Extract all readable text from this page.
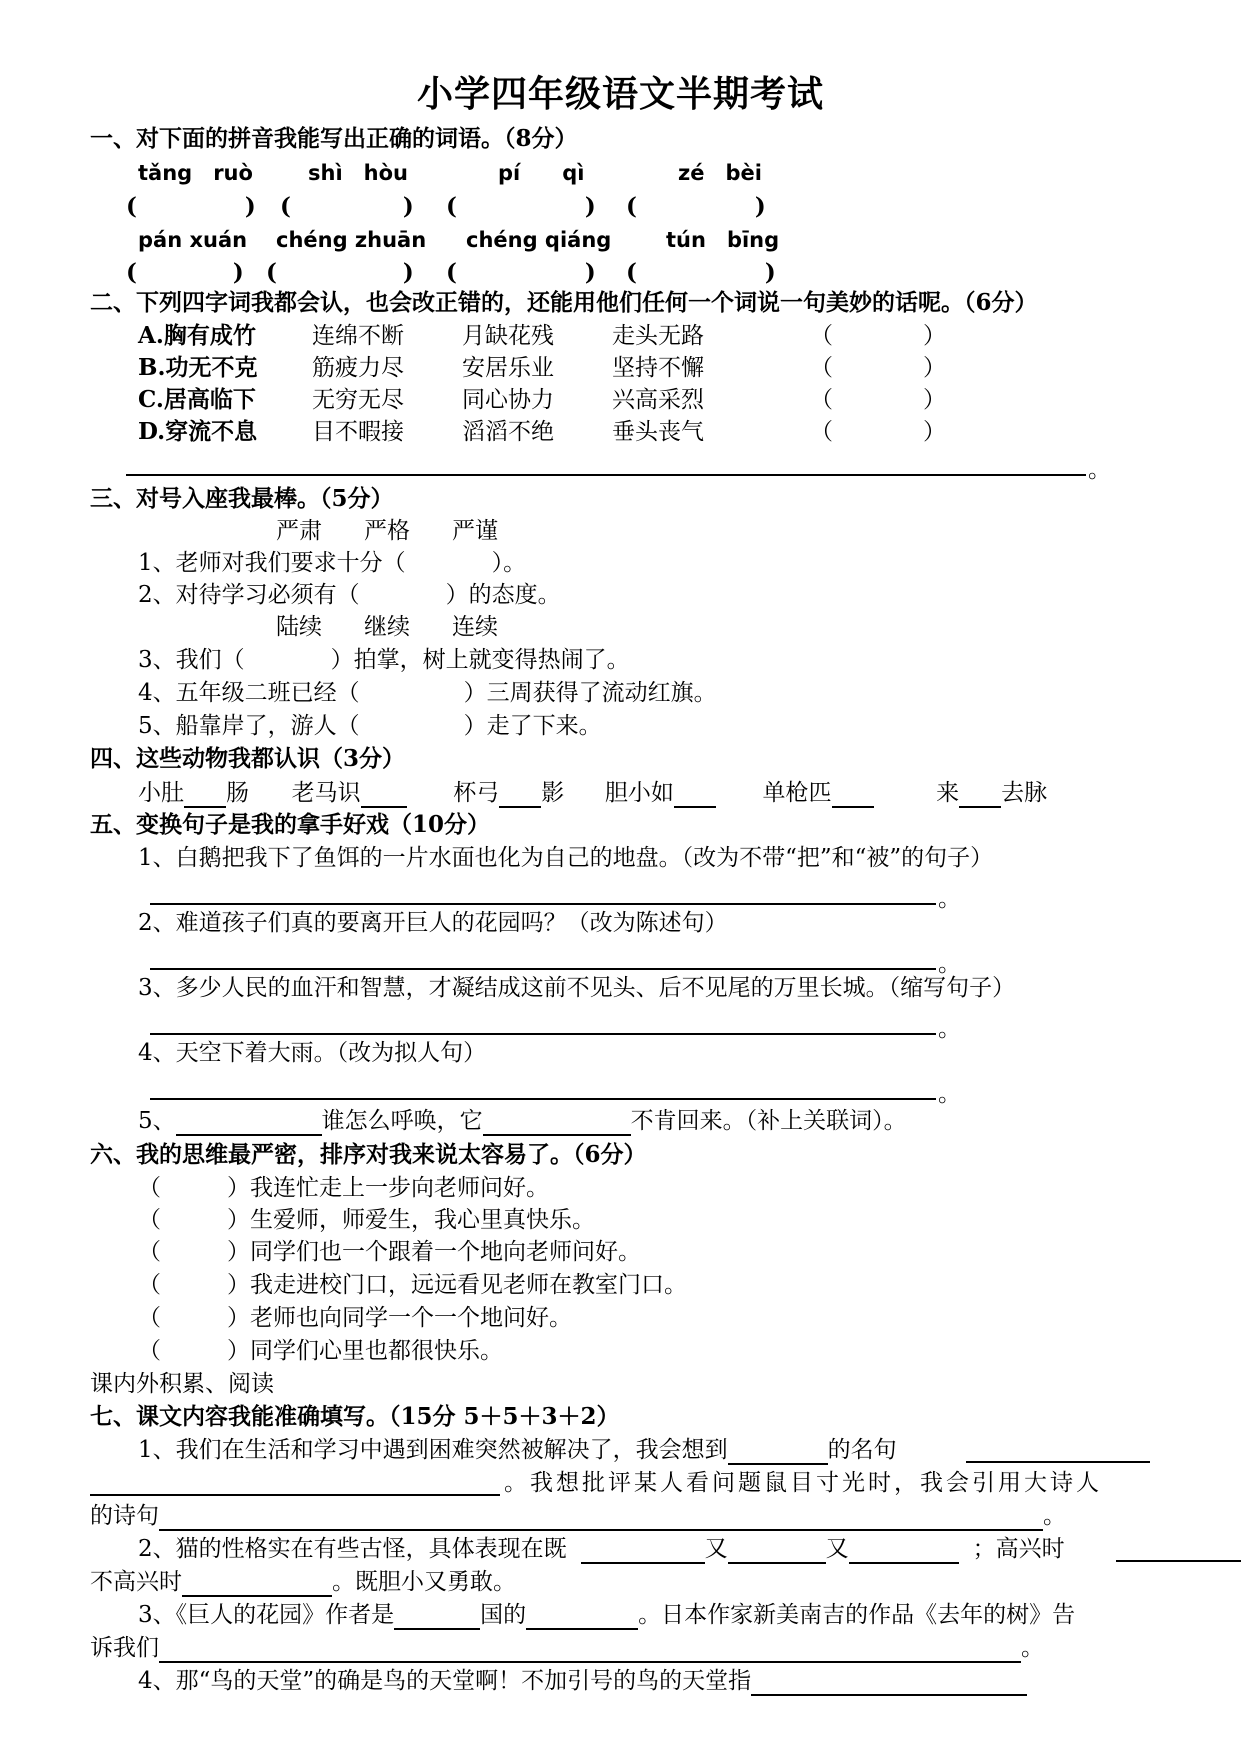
小学四年级语文半期考试
一、对下面的拼音我能写出正确的词语。（8分）
tǎng　ruò	shì　hòu	pí　　qì	zé　bèi
(	) (	) (	) (	)
pán xuán chéng zhuān chéng qiáng	tún　bīng
(	) (	) (	) (	)
二、下列四字词我都会认，也会改正错的，还能用他们任何一个词说一句美妙的话呢。（6分）
A.胸有成竹 连绵不断	月缺花残	走头无路	（	）
B.功无不克 筋疲力尽	安居乐业	坚持不懈	（	）
C.居高临下 无穷无尽	同心协力	兴高采烈	（	）
D.穿流不息 目不暇接	滔滔不绝	垂头丧气	（	）
。
三、对号入座我最棒。（5分）
严肃 严格 严谨
1、老师对我们要求十分（	）。
2、对待学习必须有（	）的态度。
陆续 继续 连续
3、我们（	）拍掌，树上就变得热闹了。
4、五年级二班已经（	）三周获得了流动红旗。
5、船靠岸了，游人（	）走了下来。
四、这些动物我都认识（3分）
小肚 肠 老马识	杯弓 影 胆小如	单枪匹	来 去脉
五、变换句子是我的拿手好戏（10分）
1、白鹅把我下了鱼饵的一片水面也化为自己的地盘。（改为不带“把”和“被”的句子）
。
2、难道孩子们真的要离开巨人的花园吗？（改为陈述句）
。
3、多少人民的血汗和智慧，才凝结成这前不见头、后不见尾的万里长城。（缩写句子）
。
4、天空下着大雨。（改为拟人句）
。
5、	谁怎么呼唤，它	不肯回来。（补上关联词）。
六、我的思维最严密，排序对我来说太容易了。（6分）
（	）我连忙走上一步向老师问好。
（	）生爱师，师爱生，我心里真快乐。
（	）同学们也一个跟着一个地向老师问好。
（	）我走进校门口，远远看见老师在教室门口。
（	）老师也向同学一个一个地问好。
（	）同学们心里也都很快乐。
课内外积累、阅读
七、课文内容我能准确填写。（15分 5＋5＋3＋2）
1、我们在生活和学习中遇到困难突然被解决了，我会想到	的名句
。我想批评某人看问题鼠目寸光时，我会引用大诗人
的诗句	。
2、猫的性格实在有些古怪，具体表现在既	又	又	；高兴时
不高兴时	。既胆小又勇敢。
3、《巨人的花园》作者是	国的	。日本作家新美南吉的作品《去年的树》告
诉我们	。
4、那“鸟的天堂”的确是鸟的天堂啊！不加引号的鸟的天堂指
